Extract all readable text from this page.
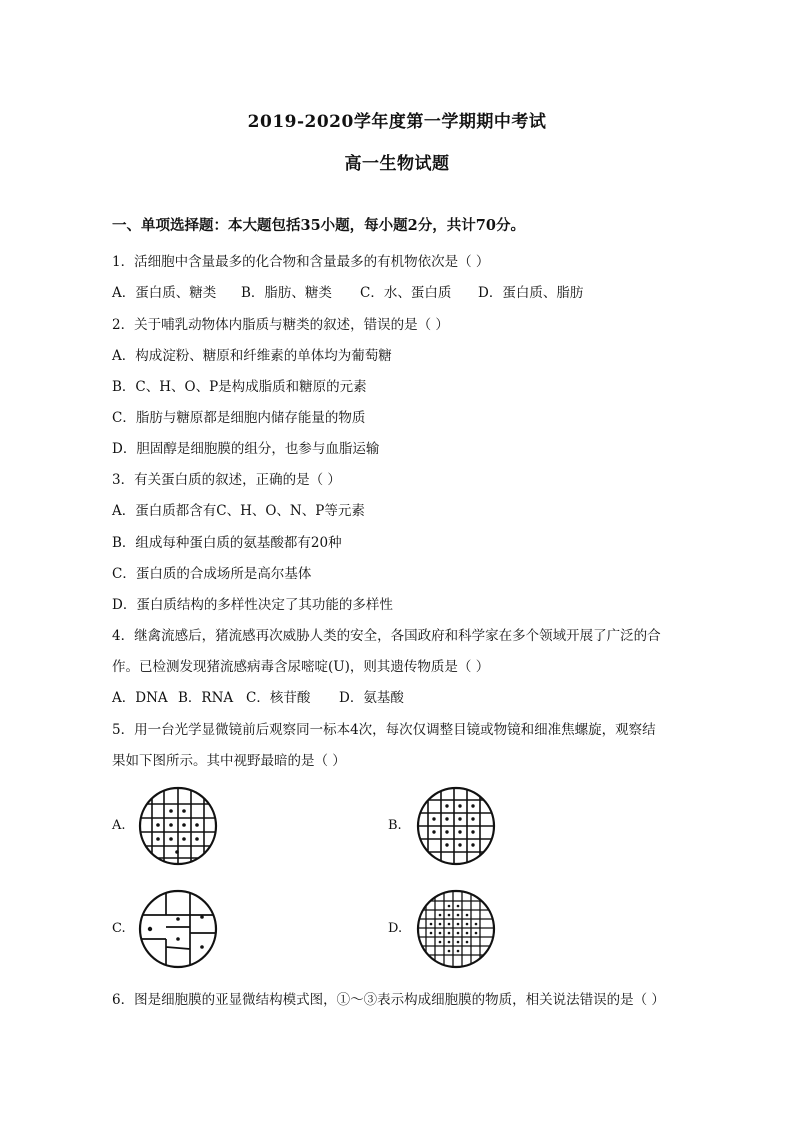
2019-2020学年度第一学期期中考试
高一生物试题
一、单项选择题：本大题包括35小题，每小题2分，共计70分。
1．活细胞中含量最多的化合物和含量最多的有机物依次是（ ）
A．蛋白质、糖类 B．脂肪、糖类 C．水、蛋白质 D．蛋白质、脂肪
2．关于哺乳动物体内脂质与糖类的叙述，错误的是（ ）
A．构成淀粉、糖原和纤维素的单体均为葡萄糖
B．C、H、O、P是构成脂质和糖原的元素
C．脂肪与糖原都是细胞内储存能量的物质
D．胆固醇是细胞膜的组分，也参与血脂运输
3．有关蛋白质的叙述，正确的是（ ）
A．蛋白质都含有C、H、O、N、P等元素
B．组成每种蛋白质的氨基酸都有20种
C．蛋白质的合成场所是高尔基体
D．蛋白质结构的多样性决定了其功能的多样性
4．继禽流感后，猪流感再次威胁人类的安全，各国政府和科学家在多个领域开展了广泛的合
作。已检测发现猪流感病毒含尿嘧啶(U)，则其遗传物质是（ ）
A．DNA B．RNA C．核苷酸 D．氨基酸
5．用一台光学显微镜前后观察同一标本4次，每次仅调整目镜或物镜和细准焦螺旋，观察结
果如下图所示。其中视野最暗的是（ ）
A.	B.
C.	D.
6．图是细胞膜的亚显微结构模式图，①～③表示构成细胞膜的物质，相关说法错误的是（ ）
